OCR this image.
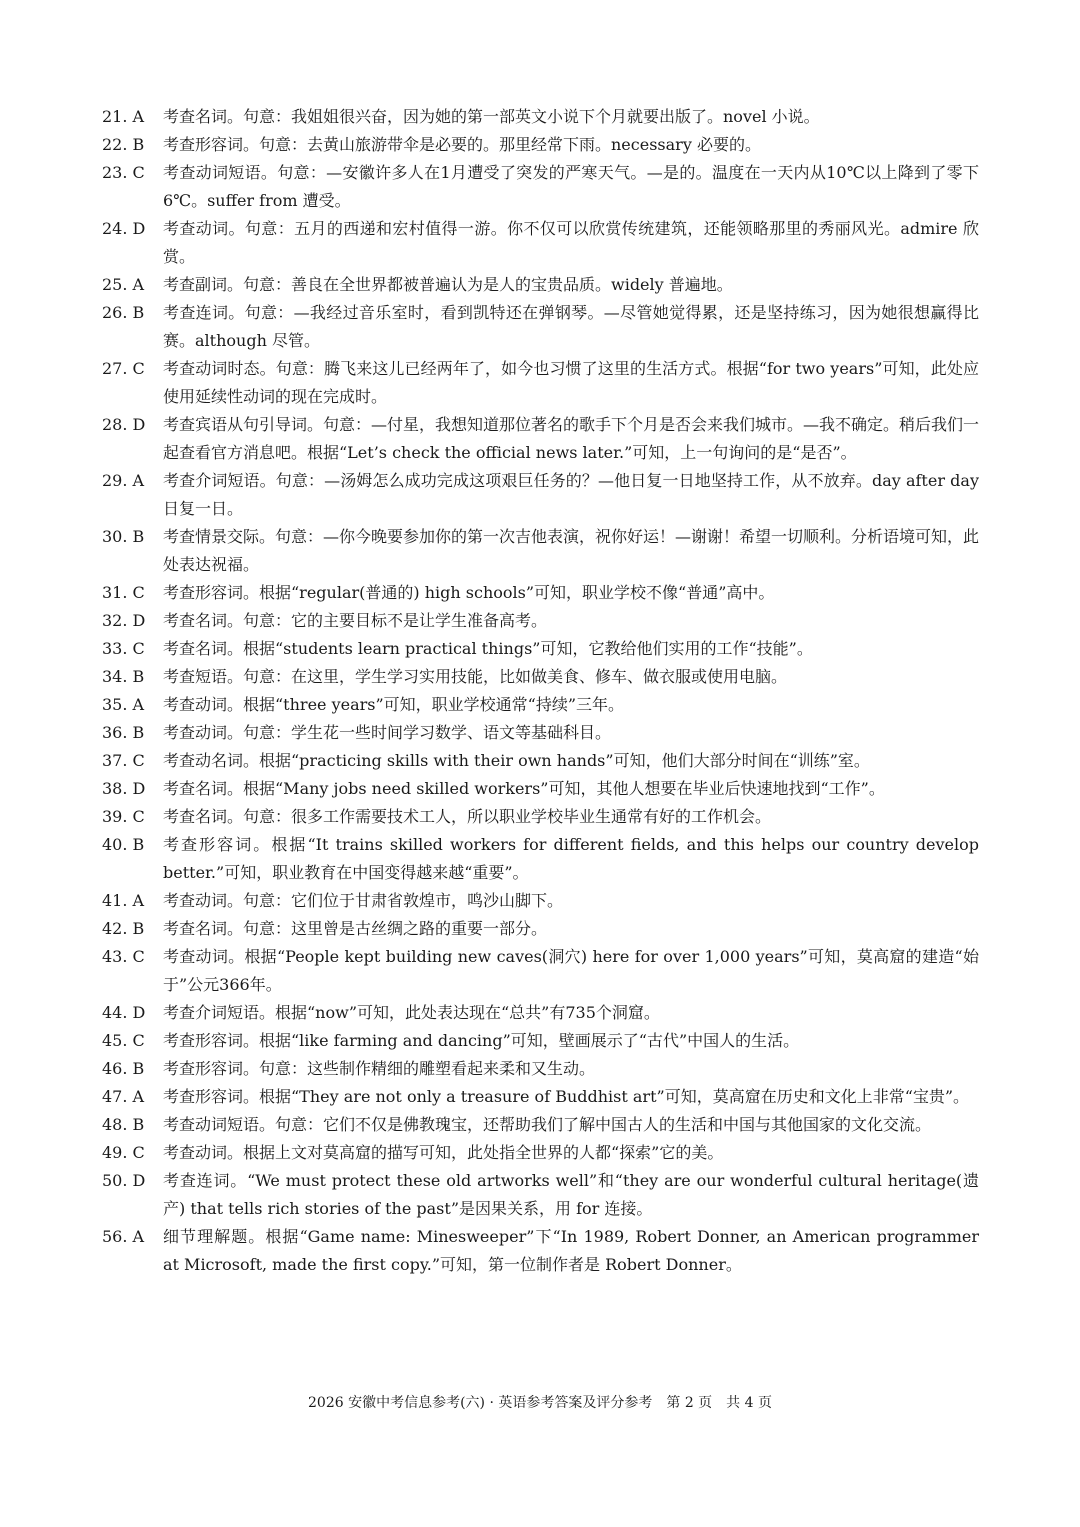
21. A	考查名词。句意：我姐姐很兴奋，因为她的第一部英文小说下个月就要出版了。novel 小说。
22. B	考查形容词。句意：去黄山旅游带伞是必要的。那里经常下雨。necessary 必要的。
23. C	考查动词短语。句意：—安徽许多人在1月遭受了突发的严寒天气。—是的。温度在一天内从10℃以上降到了零下6℃。suffer from 遭受。
24. D	考查动词。句意：五月的西递和宏村值得一游。你不仅可以欣赏传统建筑，还能领略那里的秀丽风光。admire 欣赏。
25. A	考查副词。句意：善良在全世界都被普遍认为是人的宝贵品质。widely 普遍地。
26. B	考查连词。句意：—我经过音乐室时，看到凯特还在弹钢琴。—尽管她觉得累，还是坚持练习，因为她很想赢得比赛。although 尽管。
27. C	考查动词时态。句意：腾飞来这儿已经两年了，如今也习惯了这里的生活方式。根据“for two years”可知，此处应使用延续性动词的现在完成时。
28. D	考查宾语从句引导词。句意：—付星，我想知道那位著名的歌手下个月是否会来我们城市。—我不确定。稍后我们一起查看官方消息吧。根据“Let’s check the official news later.”可知，上一句询问的是“是否”。
29. A	考查介词短语。句意：—汤姆怎么成功完成这项艰巨任务的？—他日复一日地坚持工作，从不放弃。day after day 日复一日。
30. B	考查情景交际。句意：—你今晚要参加你的第一次吉他表演，祝你好运！—谢谢！希望一切顺利。分析语境可知，此处表达祝福。
31. C	考查形容词。根据“regular(普通的) high schools”可知，职业学校不像“普通”高中。
32. D	考查名词。句意：它的主要目标不是让学生准备高考。
33. C	考查名词。根据“students learn practical things”可知，它教给他们实用的工作“技能”。
34. B	考查短语。句意：在这里，学生学习实用技能，比如做美食、修车、做衣服或使用电脑。
35. A	考查动词。根据“three years”可知，职业学校通常“持续”三年。
36. B	考查动词。句意：学生花一些时间学习数学、语文等基础科目。
37. C	考查动名词。根据“practicing skills with their own hands”可知，他们大部分时间在“训练”室。
38. D	考查名词。根据“Many jobs need skilled workers”可知，其他人想要在毕业后快速地找到“工作”。
39. C	考查名词。句意：很多工作需要技术工人，所以职业学校毕业生通常有好的工作机会。
40. B	考查形容词。根据“It trains skilled workers for different fields, and this helps our country develop better.”可知，职业教育在中国变得越来越“重要”。
41. A	考查动词。句意：它们位于甘肃省敦煌市，鸣沙山脚下。
42. B	考查名词。句意：这里曾是古丝绸之路的重要一部分。
43. C	考查动词。根据“People kept building new caves(洞穴) here for over 1,000 years”可知，莫高窟的建造“始于”公元366年。
44. D	考查介词短语。根据“now”可知，此处表达现在“总共”有735个洞窟。
45. C	考查形容词。根据“like farming and dancing”可知，壁画展示了“古代”中国人的生活。
46. B	考查形容词。句意：这些制作精细的雕塑看起来柔和又生动。
47. A	考查形容词。根据“They are not only a treasure of Buddhist art”可知，莫高窟在历史和文化上非常“宝贵”。
48. B	考查动词短语。句意：它们不仅是佛教瑰宝，还帮助我们了解中国古人的生活和中国与其他国家的文化交流。
49. C	考查动词。根据上文对莫高窟的描写可知，此处指全世界的人都“探索”它的美。
50. D	考查连词。“We must protect these old artworks well”和“they are our wonderful cultural heritage(遗产) that tells rich stories of the past”是因果关系，用 for 连接。
56. A	细节理解题。根据“Game name: Minesweeper”下“In 1989, Robert Donner, an American programmer at Microsoft, made the first copy.”可知，第一位制作者是 Robert Donner。
2026 安徽中考信息参考(六) · 英语参考答案及评分参考　第 2 页　共 4 页
